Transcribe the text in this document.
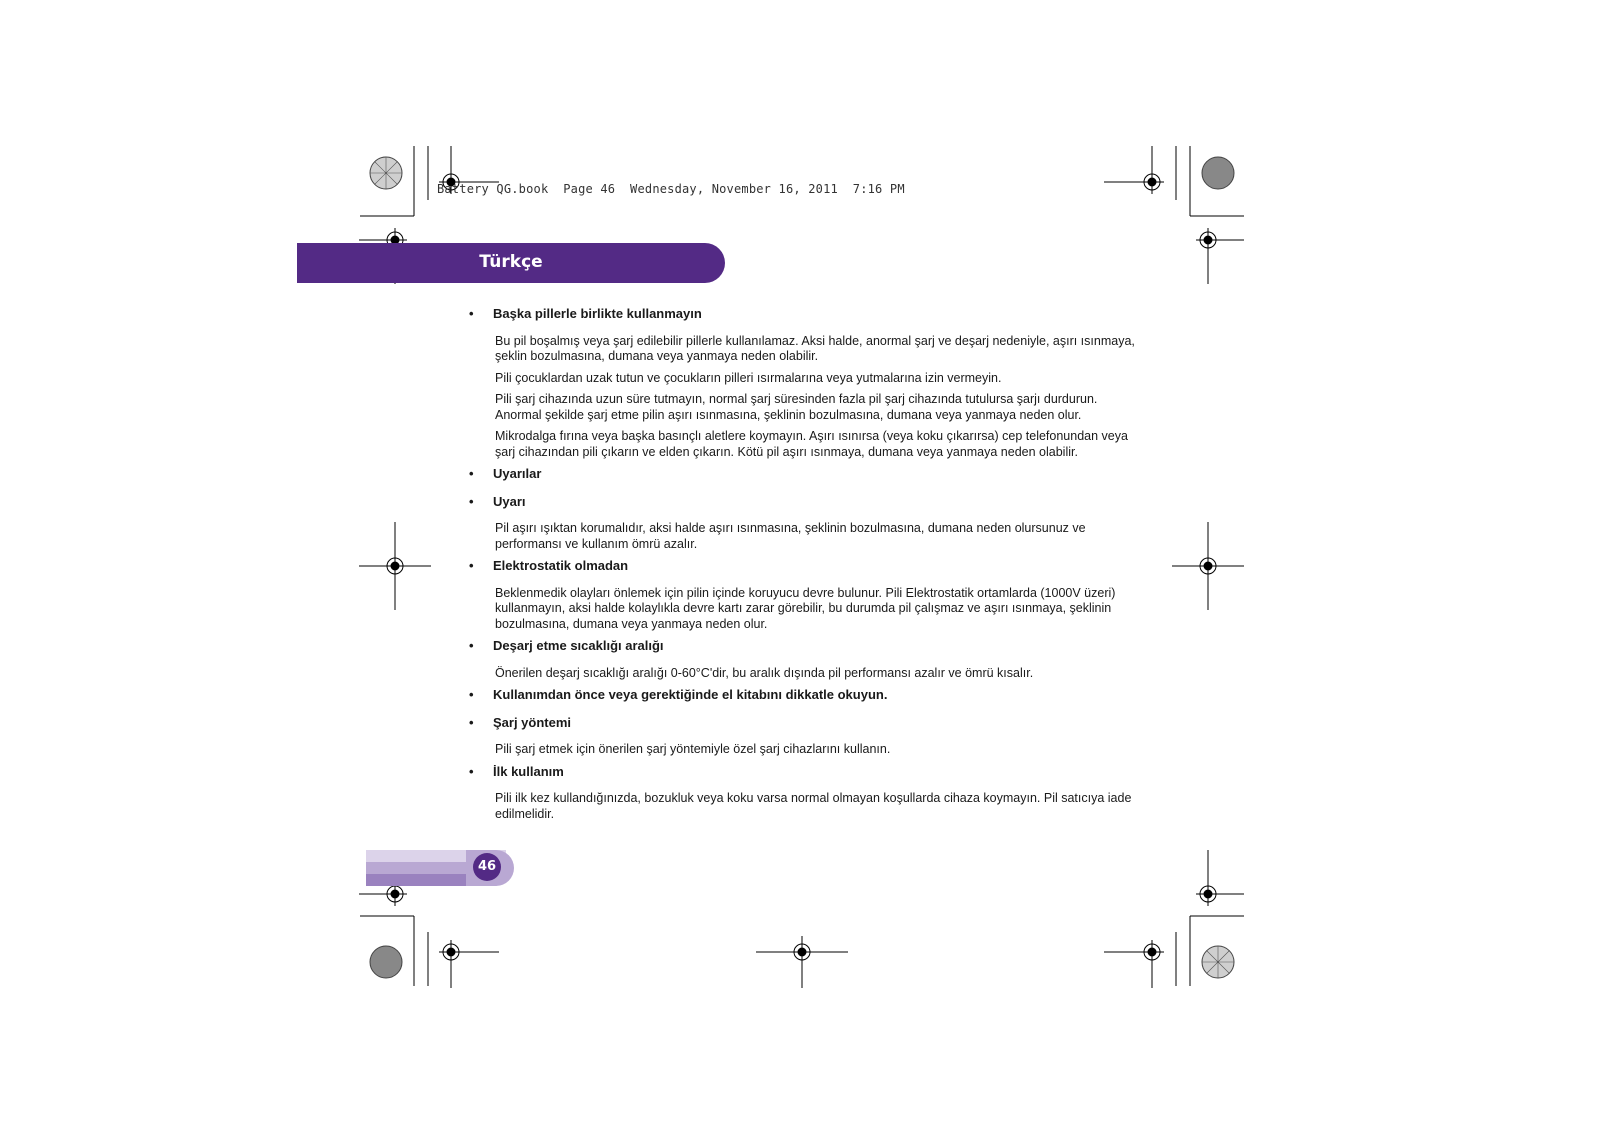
Battery QG.book  Page 46  Wednesday, November 16, 2011  7:16 PM
Türkçe
• Başka pillerle birlikte kullanmayın

Bu pil boşalmış veya şarj edilebilir pillerle kullanılamaz. Aksi halde, anormal şarj ve deşarj nedeniyle, aşırı ısınmaya, şeklin bozulmasına, dumana veya yanmaya neden olabilir.

Pili çocuklardan uzak tutun ve çocukların pilleri ısırmalarına veya yutmalarına izin vermeyin.

Pili şarj cihazında uzun süre tutmayın, normal şarj süresinden fazla pil şarj cihazında tutulursa şarjı durdurun. Anormal şekilde şarj etme pilin aşırı ısınmasına, şeklinin bozulmasına, dumana veya yanmaya neden olur.

Mikrodalga fırına veya başka basınçlı aletlere koymayın. Aşırı ısınırsa (veya koku çıkarırsa) cep telefonundan veya şarj cihazından pili çıkarın ve elden çıkarın. Kötü pil aşırı ısınmaya, dumana veya yanmaya neden olabilir.

• Uyarılar
• Uyarı

Pil aşırı ışıktan korumalıdır, aksi halde aşırı ısınmasına, şeklinin bozulmasına, dumana neden olursunuz ve performansı ve kullanım ömrü azalır.

• Elektrostatik olmadan

Beklenmedik olayları önlemek için pilin içinde koruyucu devre bulunur. Pili Elektrostatik ortamlarda (1000V üzeri) kullanmayın, aksi halde kolaylıkla devre kartı zarar görebilir, bu durumda pil çalışmaz ve aşırı ısınmaya, şeklinin bozulmasına, dumana veya yanmaya neden olur.

• Deşarj etme sıcaklığı aralığı

Önerilen deşarj sıcaklığı aralığı 0-60°C'dir, bu aralık dışında pil performansı azalır ve ömrü kısalır.

• Kullanımdan önce veya gerektiğinde el kitabını dikkatle okuyun.
• Şarj yöntemi

Pili şarj etmek için önerilen şarj yöntemiyle özel şarj cihazlarını kullanın.

• İlk kullanım

Pili ilk kez kullandığınızda, bozukluk veya koku varsa normal olmayan koşullarda cihaza koymayın. Pil satıcıya iade edilmelidir.

46
